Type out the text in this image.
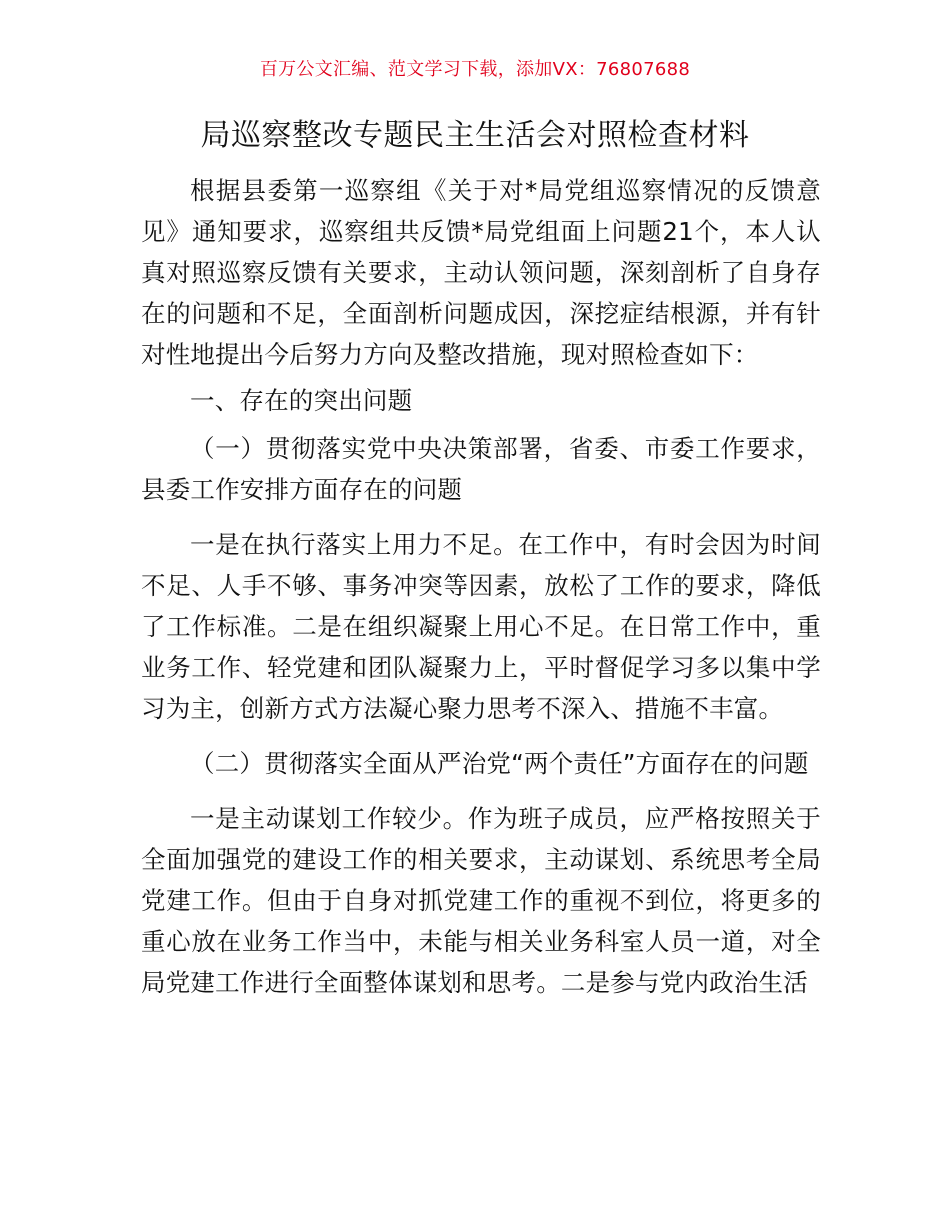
百万公文汇编、范文学习下载，添加VX：76807688
局巡察整改专题民主生活会对照检查材料

根据县委第一巡察组《关于对*局党组巡察情况的反馈意见》通知要求，巡察组共反馈*局党组面上问题21个，本人认真对照巡察反馈有关要求，主动认领问题，深刻剖析了自身存在的问题和不足，全面剖析问题成因，深挖症结根源，并有针对性地提出今后努力方向及整改措施，现对照检查如下：

一、存在的突出问题

（一）贯彻落实党中央决策部署，省委、市委工作要求，县委工作安排方面存在的问题

一是在执行落实上用力不足。在工作中，有时会因为时间不足、人手不够、事务冲突等因素，放松了工作的要求，降低了工作标准。二是在组织凝聚上用心不足。在日常工作中，重业务工作、轻党建和团队凝聚力上，平时督促学习多以集中学习为主，创新方式方法凝心聚力思考不深入、措施不丰富。

（二）贯彻落实全面从严治党“两个责任”方面存在的问题

一是主动谋划工作较少。作为班子成员，应严格按照关于全面加强党的建设工作的相关要求，主动谋划、系统思考全局党建工作。但由于自身对抓党建工作的重视不到位，将更多的重心放在业务工作当中，未能与相关业务科室人员一道，对全局党建工作进行全面整体谋划和思考。二是参与党内政治生活
